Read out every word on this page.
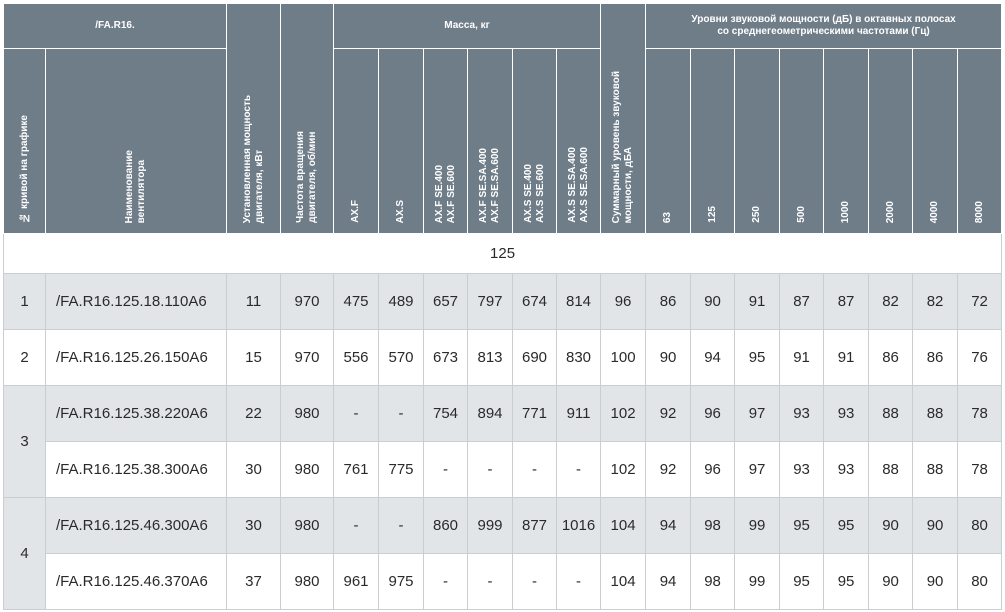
/FA.R16.		Установленная мощность
двигателя, кВт	Частота вращения
двигателя, об/мин	Масса, кг						Суммарный уровень звуковой
мощности, дБА	Уровни звуковой мощности (дБ) в октавных полосах
со среднегеометрическими частотами (Гц)							
№ кривой на графике	Наименование
вентилятора			AX.F	AX.S	AX.F SE.400
AX.F SE.600	AX.F SE.SA.400
AX.F SE.SA.600	AX.S SE.400
AX.S SE.600	AX.S SE.SA.400
AX.S SE.SA.600		63	125	250	500	1000	2000	4000	8000
125																		
1	/FA.R16.125.18.110A6	11	970	475	489	657	797	674	814	96	86	90	91	87	87	82	82	72
2	/FA.R16.125.26.150A6	15	970	556	570	673	813	690	830	100	90	94	95	91	91	86	86	76
3	/FA.R16.125.38.220A6	22	980	-	-	754	894	771	911	102	92	96	97	93	93	88	88	78
	/FA.R16.125.38.300A6	30	980	761	775	-	-	-	-	102	92	96	97	93	93	88	88	78
4	/FA.R16.125.46.300A6	30	980	-	-	860	999	877	1016	104	94	98	99	95	95	90	90	80
	/FA.R16.125.46.370A6	37	980	961	975	-	-	-	-	104	94	98	99	95	95	90	90	80
